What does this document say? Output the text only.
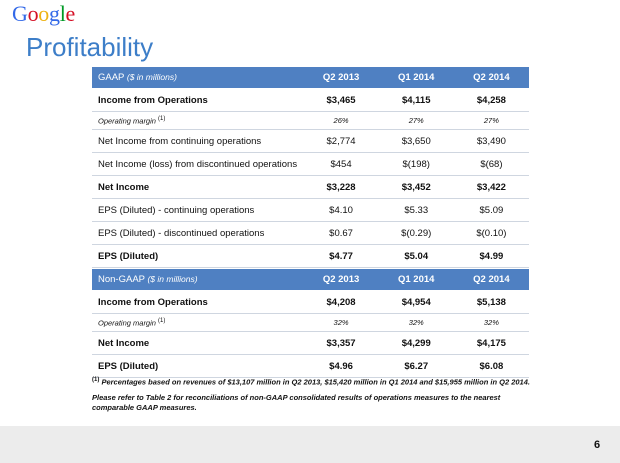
Google
Profitability
GAAP ($ in millions)	Q2 2013	Q1 2014	Q2 2014
Income from Operations	$3,465	$4,115	$4,258
Operating margin $^{(1)}$	26%	27%	27%
Net Income from continuing operations	$2,774	$3,650	$3,490
Net Income (loss) from discontinued operations	$454	$(198)	$(68)
Net Income	$3,228	$3,452	$3,422
EPS (Diluted) - continuing operations	$4.10	$5.33	$5.09
EPS (Diluted) - discontinued operations	$0.67	$(0.29)	$(0.10)
EPS (Diluted)	$4.77	$5.04	$4.99
Non-GAAP ($ in millions)	Q2 2013	Q1 2014	Q2 2014
Income from Operations	$4,208	$4,954	$5,138
Operating margin $^{(1)}$	32%	32%	32%
Net Income	$3,357	$4,299	$4,175
EPS (Diluted)	$4.96	$6.27	$6.08
$^{(1)}$ Percentages based on revenues of $13,107 million in Q2 2013, $15,420 million in Q1 2014 and $15,955 million in Q2 2014.
Please refer to Table 2 for reconciliations of non-GAAP consolidated results of operations measures to the nearest comparable GAAP measures.
6
